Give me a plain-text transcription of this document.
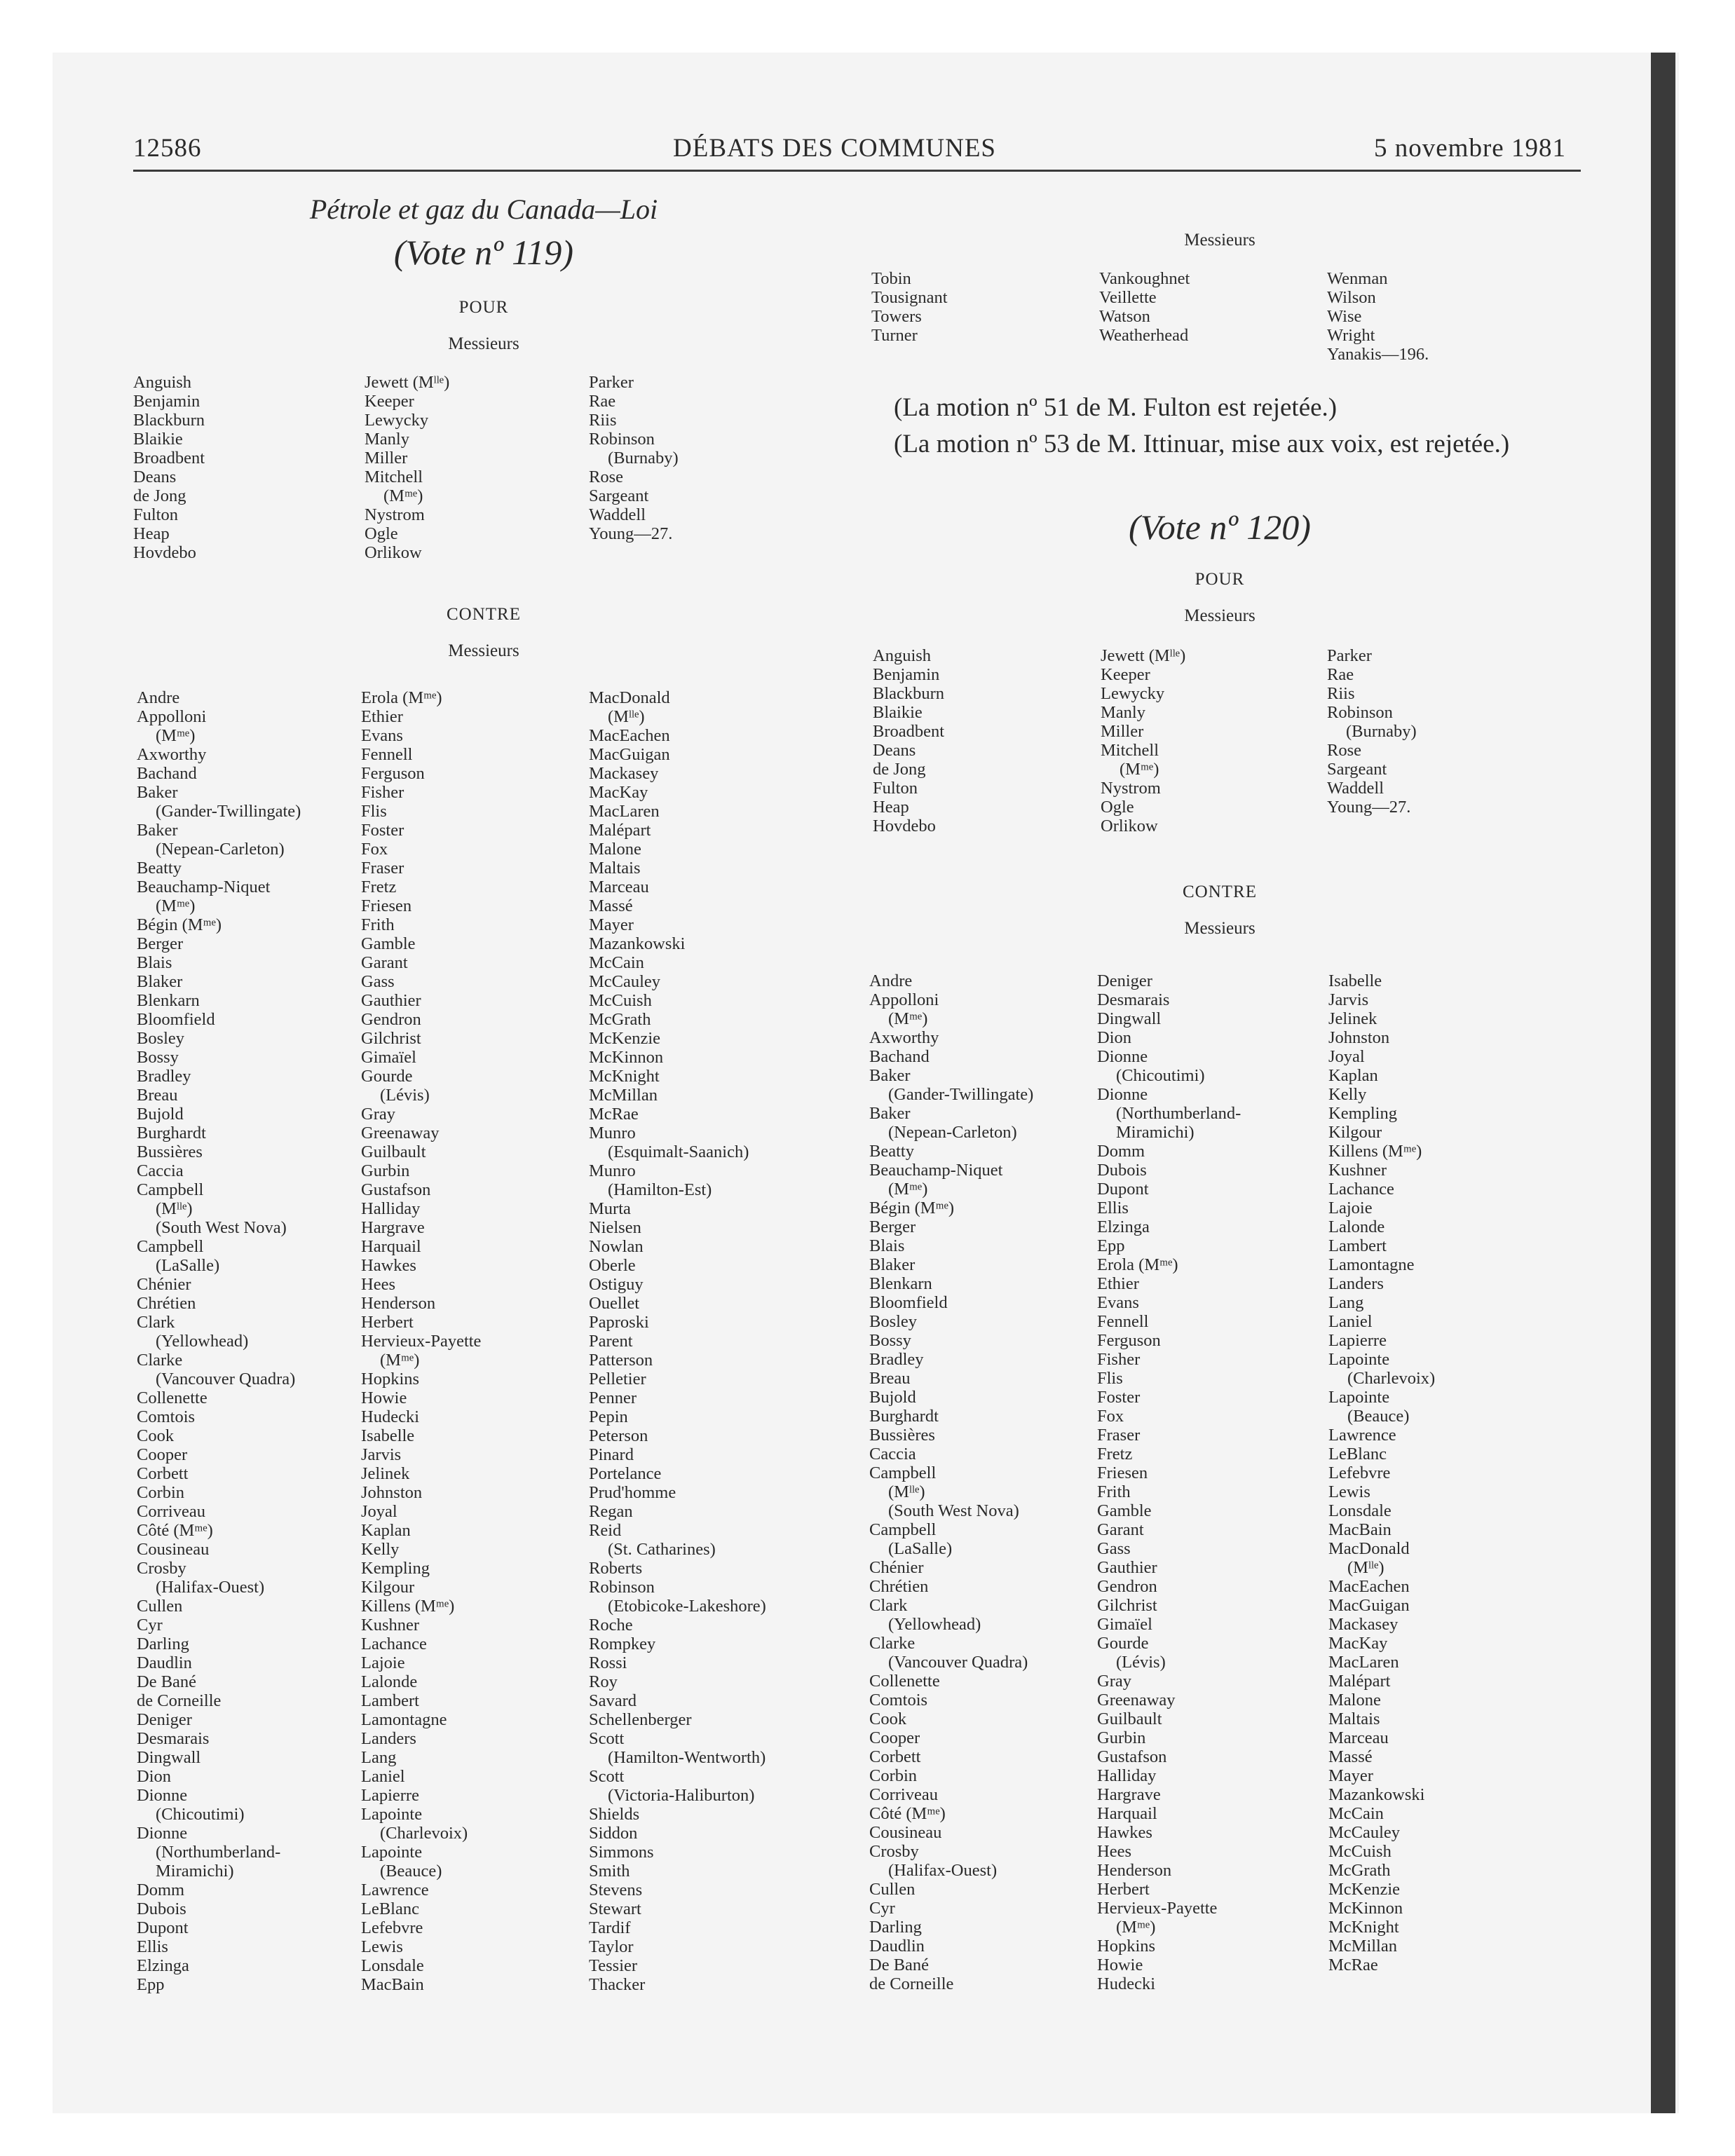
12586	DÉBATS DES COMMUNES	5 novembre 1981
Pétrole et gaz du Canada—Loi
(Vote nº 119)
POUR
Messieurs
Anguish
Benjamin
Blackburn
Blaikie
Broadbent
Deans
de Jong
Fulton
Heap
Hovdebo
Jewett (Mˡˡᵉ)
Keeper
Lewycky
Manly
Miller
Mitchell
(Mᵐᵉ)
Nystrom
Ogle
Orlikow
Parker
Rae
Riis
Robinson
(Burnaby)
Rose
Sargeant
Waddell
Young—27.
CONTRE
Messieurs
Andre
Appolloni
(Mᵐᵉ)
Axworthy
Bachand
Baker
(Gander-Twillingate)
Baker
(Nepean-Carleton)
Beatty
Beauchamp-Niquet
(Mᵐᵉ)
Bégin (Mᵐᵉ)
Berger
Blais
Blaker
Blenkarn
Bloomfield
Bosley
Bossy
Bradley
Breau
Bujold
Burghardt
Bussières
Caccia
Campbell
(Mˡˡᵉ)
(South West Nova)
Campbell
(LaSalle)
Chénier
Chrétien
Clark
(Yellowhead)
Clarke
(Vancouver Quadra)
Collenette
Comtois
Cook
Cooper
Corbett
Corbin
Corriveau
Côté (Mᵐᵉ)
Cousineau
Crosby
(Halifax-Ouest)
Cullen
Cyr
Darling
Daudlin
De Bané
de Corneille
Deniger
Desmarais
Dingwall
Dion
Dionne
(Chicoutimi)
Dionne
(Northumberland-
Miramichi)
Domm
Dubois
Dupont
Ellis
Elzinga
Epp
Erola (Mᵐᵉ)
Ethier
Evans
Fennell
Ferguson
Fisher
Flis
Foster
Fox
Fraser
Fretz
Friesen
Frith
Gamble
Garant
Gass
Gauthier
Gendron
Gilchrist
Gimaïel
Gourde
(Lévis)
Gray
Greenaway
Guilbault
Gurbin
Gustafson
Halliday
Hargrave
Harquail
Hawkes
Hees
Henderson
Herbert
Hervieux-Payette
(Mᵐᵉ)
Hopkins
Howie
Hudecki
Isabelle
Jarvis
Jelinek
Johnston
Joyal
Kaplan
Kelly
Kempling
Kilgour
Killens (Mᵐᵉ)
Kushner
Lachance
Lajoie
Lalonde
Lambert
Lamontagne
Landers
Lang
Laniel
Lapierre
Lapointe
(Charlevoix)
Lapointe
(Beauce)
Lawrence
LeBlanc
Lefebvre
Lewis
Lonsdale
MacBain
MacDonald
(Mˡˡᵉ)
MacEachen
MacGuigan
Mackasey
MacKay
MacLaren
Malépart
Malone
Maltais
Marceau
Massé
Mayer
Mazankowski
McCain
McCauley
McCuish
McGrath
McKenzie
McKinnon
McKnight
McMillan
McRae
Munro
(Esquimalt-Saanich)
Munro
(Hamilton-Est)
Murta
Nielsen
Nowlan
Oberle
Ostiguy
Ouellet
Paproski
Parent
Patterson
Pelletier
Penner
Pepin
Peterson
Pinard
Portelance
Prud'homme
Regan
Reid
(St. Catharines)
Roberts
Robinson
(Etobicoke-Lakeshore)
Roche
Rompkey
Rossi
Roy
Savard
Schellenberger
Scott
(Hamilton-Wentworth)
Scott
(Victoria-Haliburton)
Shields
Siddon
Simmons
Smith
Stevens
Stewart
Tardif
Taylor
Tessier
Thacker
Messieurs
Tobin
Tousignant
Towers
Turner
Vankoughnet
Veillette
Watson
Weatherhead
Wenman
Wilson
Wise
Wright
Yanakis—196.
(La motion nº 51 de M. Fulton est rejetée.)
(La motion nº 53 de M. Ittinuar, mise aux voix, est rejetée.)
(Vote nº 120)
POUR
Messieurs
Anguish
Benjamin
Blackburn
Blaikie
Broadbent
Deans
de Jong
Fulton
Heap
Hovdebo
Jewett (Mˡˡᵉ)
Keeper
Lewycky
Manly
Miller
Mitchell
(Mᵐᵉ)
Nystrom
Ogle
Orlikow
Parker
Rae
Riis
Robinson
(Burnaby)
Rose
Sargeant
Waddell
Young—27.
CONTRE
Messieurs
Andre
Appolloni
(Mᵐᵉ)
Axworthy
Bachand
Baker
(Gander-Twillingate)
Baker
(Nepean-Carleton)
Beatty
Beauchamp-Niquet
(Mᵐᵉ)
Bégin (Mᵐᵉ)
Berger
Blais
Blaker
Blenkarn
Bloomfield
Bosley
Bossy
Bradley
Breau
Bujold
Burghardt
Bussières
Caccia
Campbell
(Mˡˡᵉ)
(South West Nova)
Campbell
(LaSalle)
Chénier
Chrétien
Clark
(Yellowhead)
Clarke
(Vancouver Quadra)
Collenette
Comtois
Cook
Cooper
Corbett
Corbin
Corriveau
Côté (Mᵐᵉ)
Cousineau
Crosby
(Halifax-Ouest)
Cullen
Cyr
Darling
Daudlin
De Bané
de Corneille
Deniger
Desmarais
Dingwall
Dion
Dionne
(Chicoutimi)
Dionne
(Northumberland-
Miramichi)
Domm
Dubois
Dupont
Ellis
Elzinga
Epp
Erola (Mᵐᵉ)
Ethier
Evans
Fennell
Ferguson
Fisher
Flis
Foster
Fox
Fraser
Fretz
Friesen
Frith
Gamble
Garant
Gass
Gauthier
Gendron
Gilchrist
Gimaïel
Gourde
(Lévis)
Gray
Greenaway
Guilbault
Gurbin
Gustafson
Halliday
Hargrave
Harquail
Hawkes
Hees
Henderson
Herbert
Hervieux-Payette
(Mᵐᵉ)
Hopkins
Howie
Hudecki
Isabelle
Jarvis
Jelinek
Johnston
Joyal
Kaplan
Kelly
Kempling
Kilgour
Killens (Mᵐᵉ)
Kushner
Lachance
Lajoie
Lalonde
Lambert
Lamontagne
Landers
Lang
Laniel
Lapierre
Lapointe
(Charlevoix)
Lapointe
(Beauce)
Lawrence
LeBlanc
Lefebvre
Lewis
Lonsdale
MacBain
MacDonald
(Mˡˡᵉ)
MacEachen
MacGuigan
Mackasey
MacKay
MacLaren
Malépart
Malone
Maltais
Marceau
Massé
Mayer
Mazankowski
McCain
McCauley
McCuish
McGrath
McKenzie
McKinnon
McKnight
McMillan
McRae
